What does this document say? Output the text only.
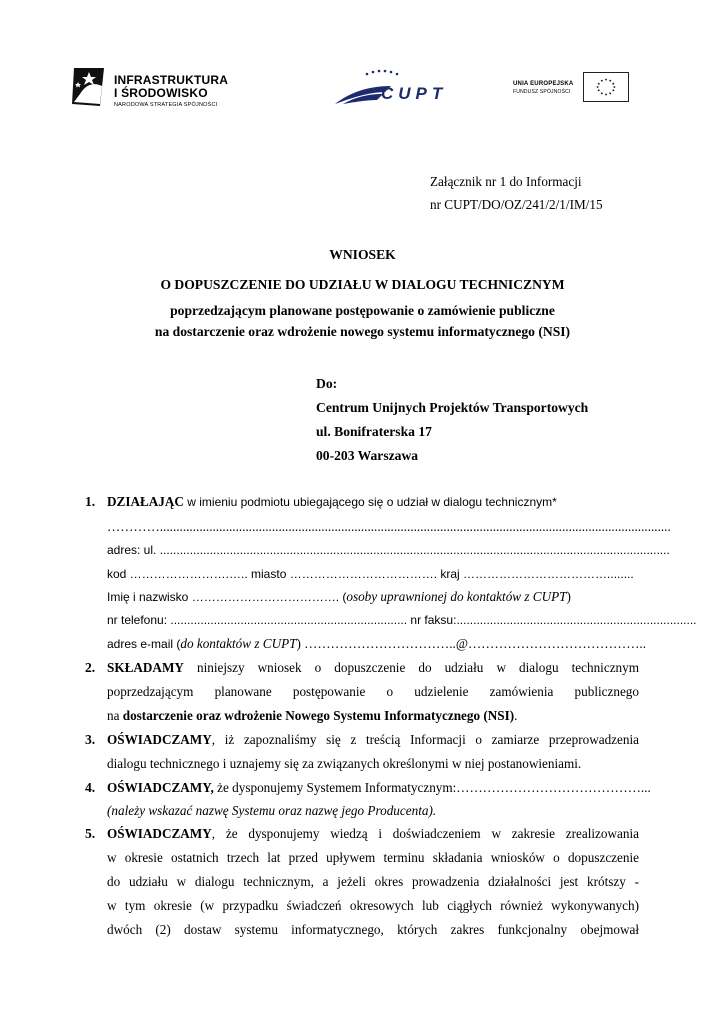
INFRASTRUKTURA
I ŚRODOWISKO
NARODOWA STRATEGIA SPÓJNOŚCI
CUPT	UNIA EUROPEJSKA
FUNDUSZ SPÓJNOŚCI
Załącznik nr 1 do Informacji
nr CUPT/DO/OZ/241/2/1/IM/15
WNIOSEK
O DOPUSZCZENIE DO UDZIAŁU W DIALOGU TECHNICZNYM
poprzedzającym planowane postępowanie o zamówienie publiczne
na dostarczenie oraz wdrożenie nowego systemu informatycznego (NSI)
Do:
Centrum Unijnych Projektów Transportowych
ul. Bonifraterska 17
00-203 Warszawa
1. DZIAŁAJĄC w imieniu podmiotu ubiegającego się o udział w dialogu technicznym*
…………...........................................................................................................................................................
adres: ul. .........................................................................................................................................................
kod …………………….….. miasto ………………………………. kraj ………………………………........
Imię i nazwisko ………………………………. (osoby uprawnionej do kontaktów z CUPT)
nr telefonu: ....................................................................... nr faksu:........................................................................
adres e-mail (do kontaktów z CUPT) ……………………………..@…………………………………..
2. SKŁADAMY niniejszy wniosek o dopuszczenie do udziału w dialogu technicznym
poprzedzającym planowane postępowanie o udzielenie zamówienia publicznego
na dostarczenie oraz wdrożenie Nowego Systemu Informatycznego (NSI).
3. OŚWIADCZAMY, iż zapoznaliśmy się z treścią Informacji o zamiarze przeprowadzenia
dialogu technicznego i uznajemy się za związanych określonymi w niej postanowieniami.
4. OŚWIADCZAMY, że dysponujemy Systemem Informatycznym:……………………………………...
(należy wskazać nazwę Systemu oraz nazwę jego Producenta).
5. OŚWIADCZAMY, że dysponujemy wiedzą i doświadczeniem w zakresie zrealizowania
w okresie ostatnich trzech lat przed upływem terminu składania wniosków o dopuszczenie
do udziału w dialogu technicznym, a jeżeli okres prowadzenia działalności jest krótszy -
w tym okresie (w przypadku świadczeń okresowych lub ciągłych również wykonywanych)
dwóch (2) dostaw systemu informatycznego, których zakres funkcjonalny obejmował
